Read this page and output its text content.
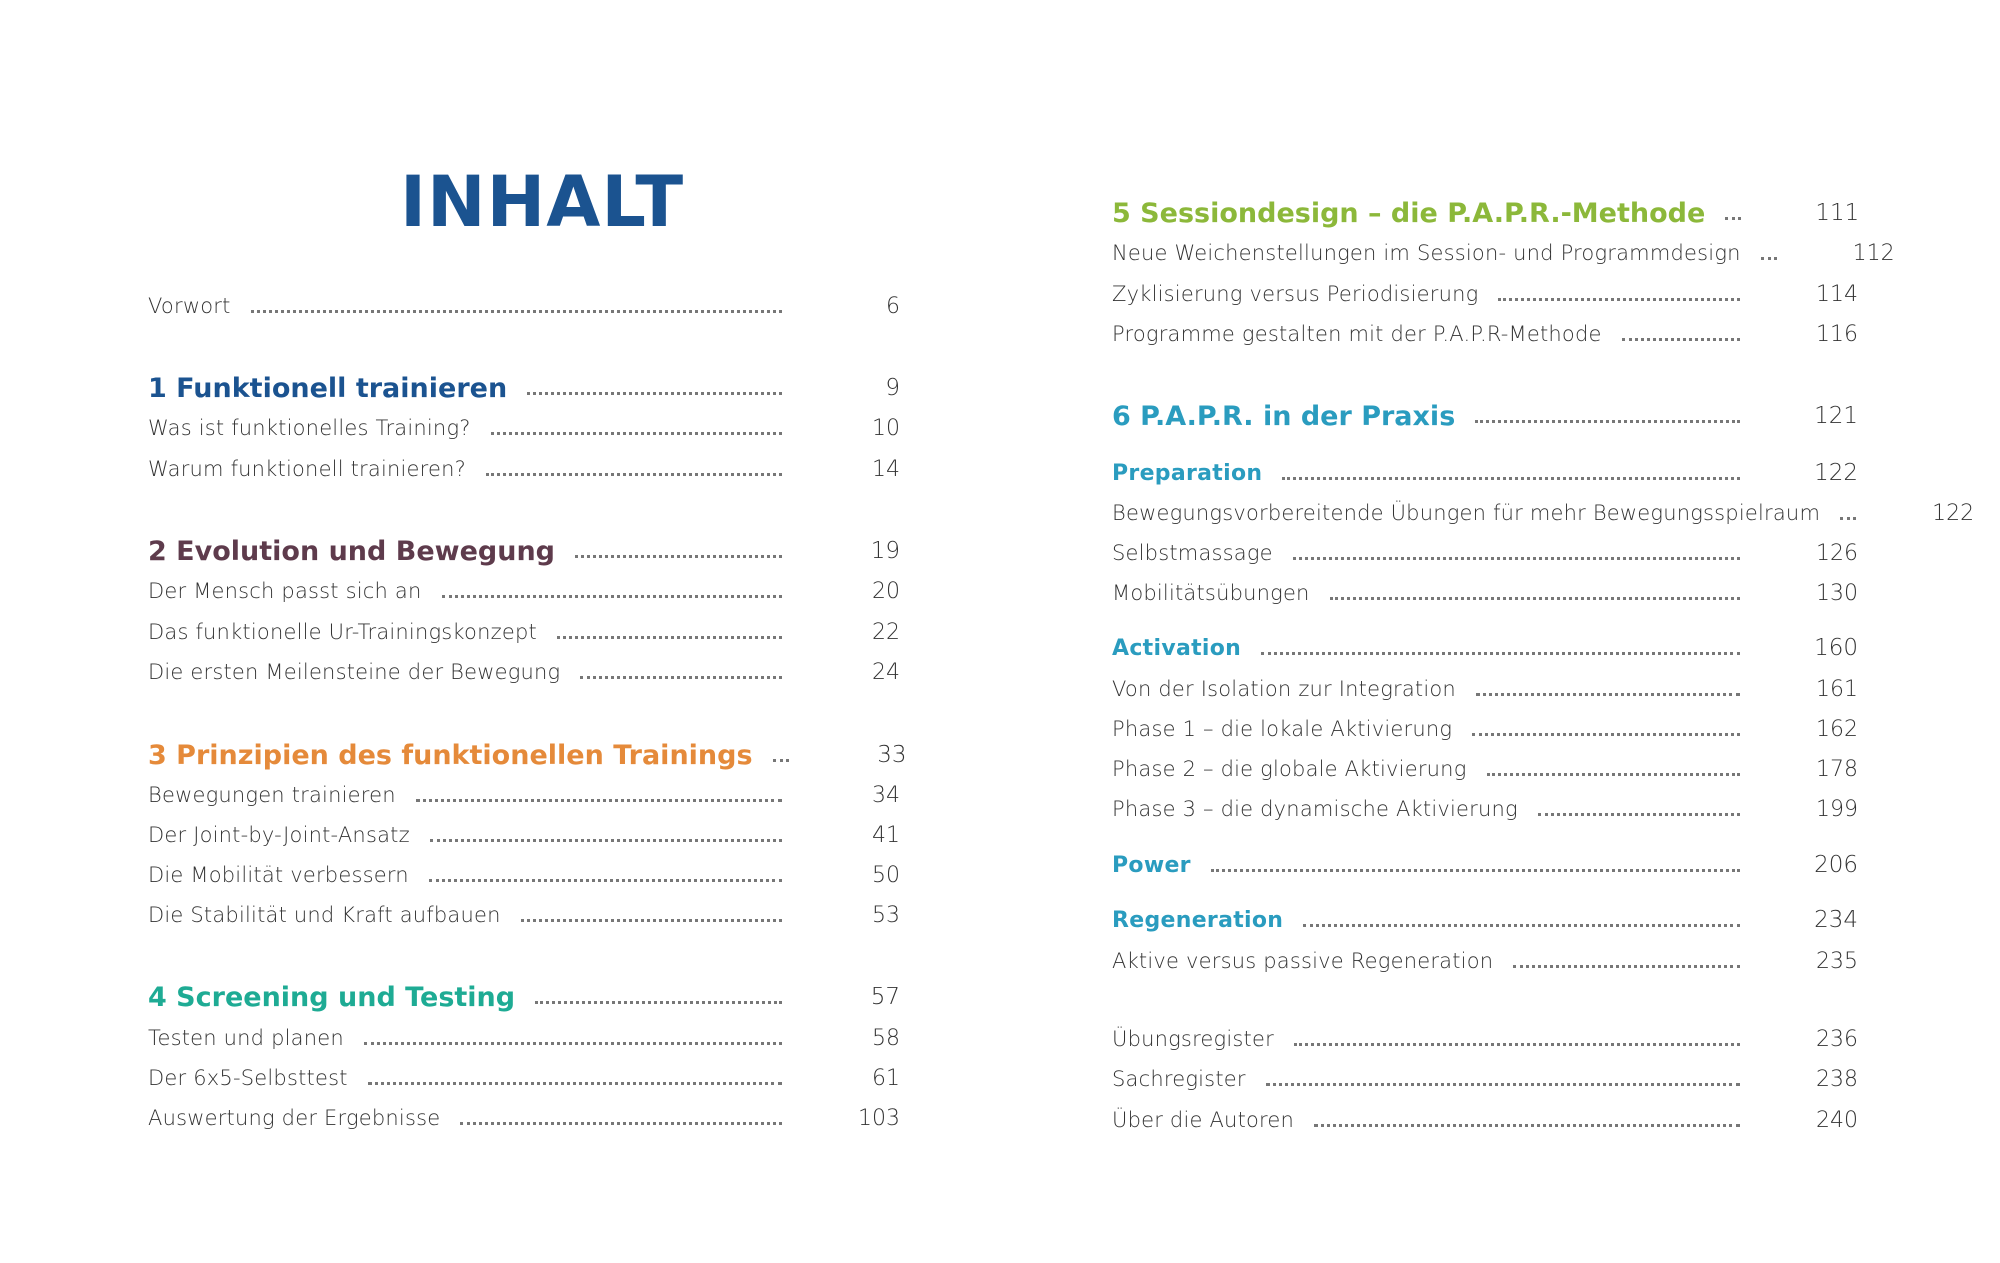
INHALT
Vorwort	6
1 Funktionell trainieren	9
Was ist funktionelles Training?	10
Warum funktionell trainieren?	14
2 Evolution und Bewegung	19
Der Mensch passt sich an	20
Das funktionelle Ur-Trainingskonzept	22
Die ersten Meilensteine der Bewegung	24
3 Prinzipien des funktionellen Trainings	33
Bewegungen trainieren	34
Der Joint-by-Joint-Ansatz	41
Die Mobilität verbessern	50
Die Stabilität und Kraft aufbauen	53
4 Screening und Testing	57
Testen und planen	58
Der 6x5-Selbsttest	61
Auswertung der Ergebnisse	103
5 Sessiondesign – die P.A.P.R.-Methode	111
Neue Weichenstellungen im Session- und Programmdesign	112
Zyklisierung versus Periodisierung	114
Programme gestalten mit der P.A.P.R-Methode	116
6 P.A.P.R. in der Praxis	121
Preparation	122
Bewegungsvorbereitende Übungen für mehr Bewegungsspielraum	122
Selbstmassage	126
Mobilitätsübungen	130
Activation	160
Von der Isolation zur Integration	161
Phase 1 – die lokale Aktivierung	162
Phase 2 – die globale Aktivierung	178
Phase 3 – die dynamische Aktivierung	199
Power	206
Regeneration	234
Aktive versus passive Regeneration	235
Übungsregister	236
Sachregister	238
Über die Autoren	240
